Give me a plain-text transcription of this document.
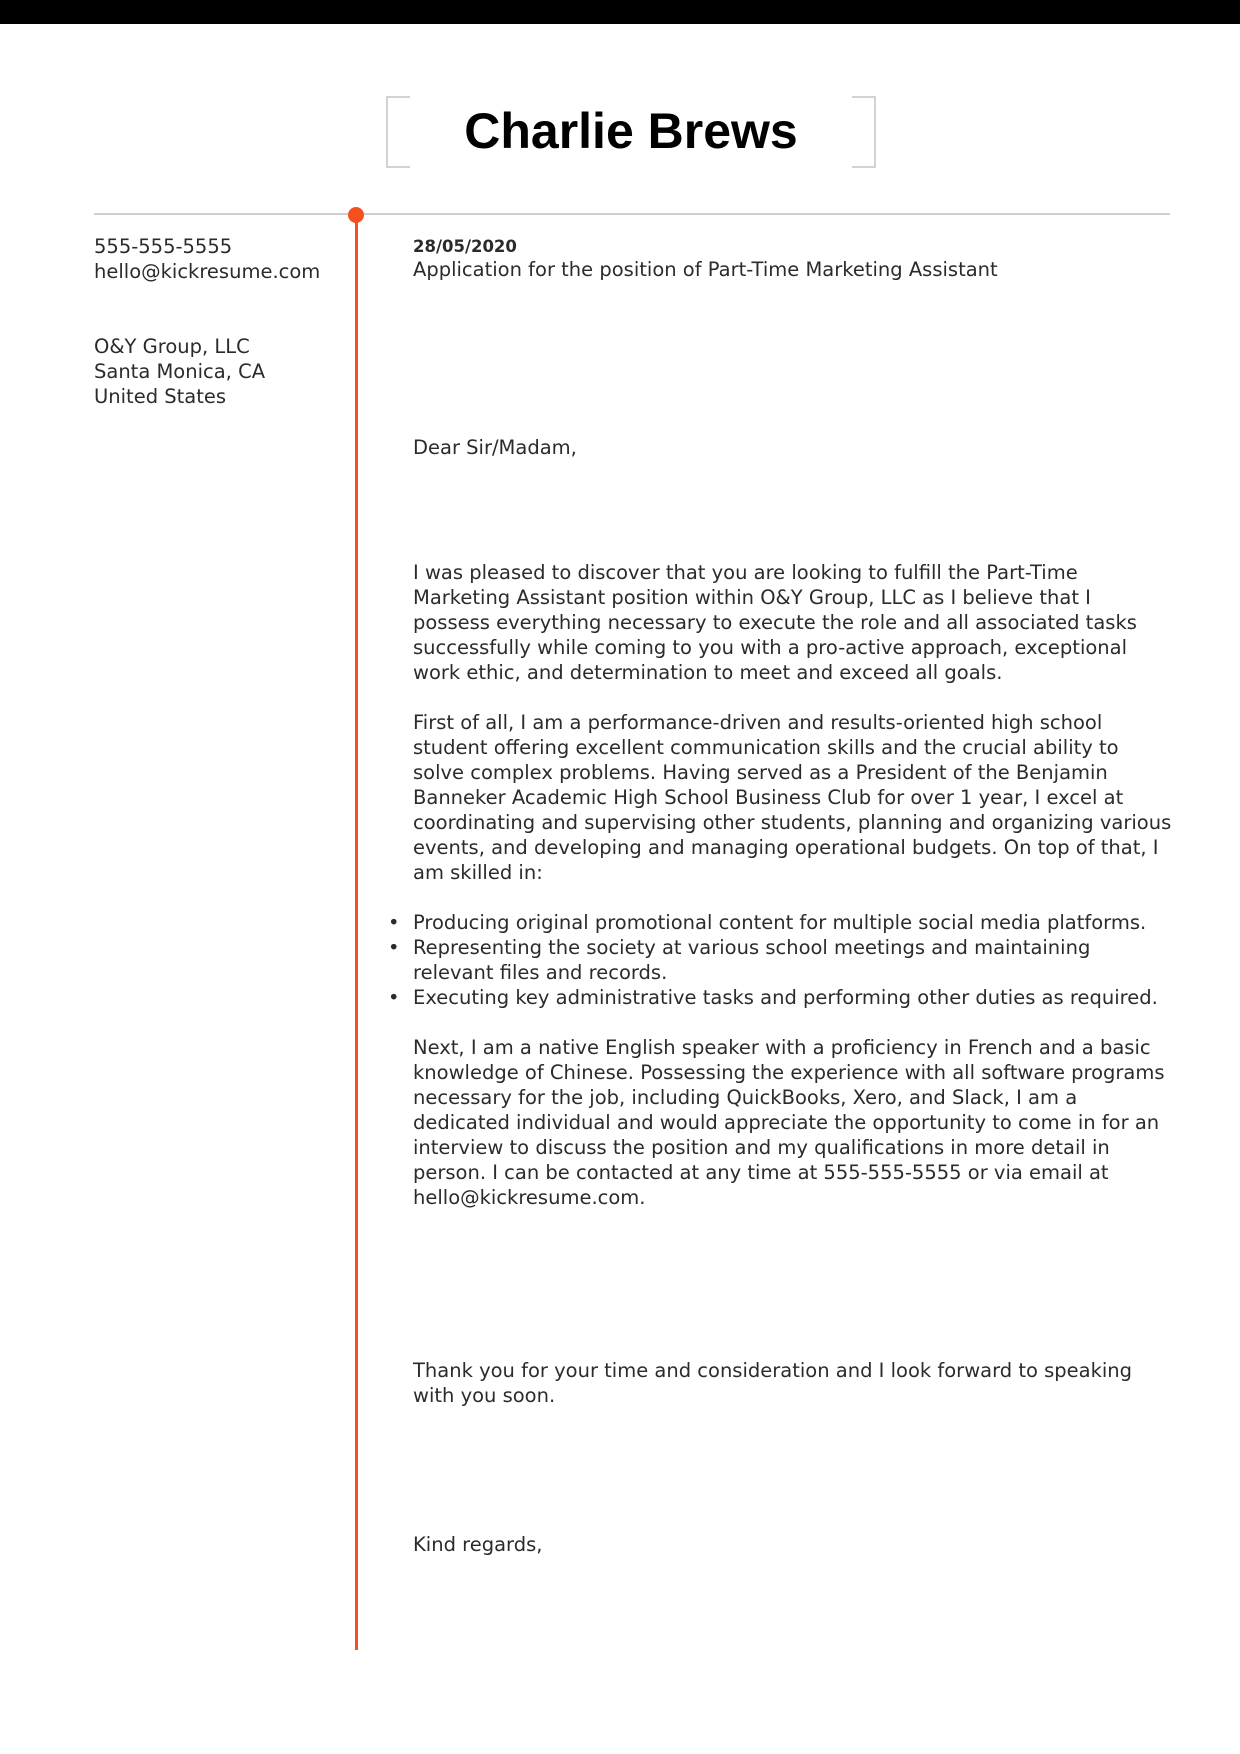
Charlie Brews
555-555-5555
hello@kickresume.com
O&Y Group, LLC
Santa Monica, CA
United States

28/05/2020

Application for the position of Part-Time Marketing Assistant

Dear Sir/Madam,

I was pleased to discover that you are looking to fulfill the Part-Time Marketing Assistant position within O&Y Group, LLC as I believe that I possess everything necessary to execute the role and all associated tasks successfully while coming to you with a pro-active approach, exceptional work ethic, and determination to meet and exceed all goals.

First of all, I am a performance-driven and results-oriented high school student offering excellent communication skills and the crucial ability to solve complex problems. Having served as a President of the Benjamin Banneker Academic High School Business Club for over 1 year, I excel at coordinating and supervising other students, planning and organizing various events, and developing and managing operational budgets. On top of that, I am skilled in:

• Producing original promotional content for multiple social media platforms.
• Representing the society at various school meetings and maintaining relevant files and records.
• Executing key administrative tasks and performing other duties as required.

Next, I am a native English speaker with a proficiency in French and a basic knowledge of Chinese. Possessing the experience with all software programs necessary for the job, including QuickBooks, Xero, and Slack, I am a dedicated individual and would appreciate the opportunity to come in for an interview to discuss the position and my qualifications in more detail in person. I can be contacted at any time at 555-555-5555 or via email at hello@kickresume.com.

Thank you for your time and consideration and I look forward to speaking with you soon.
Kind regards,
